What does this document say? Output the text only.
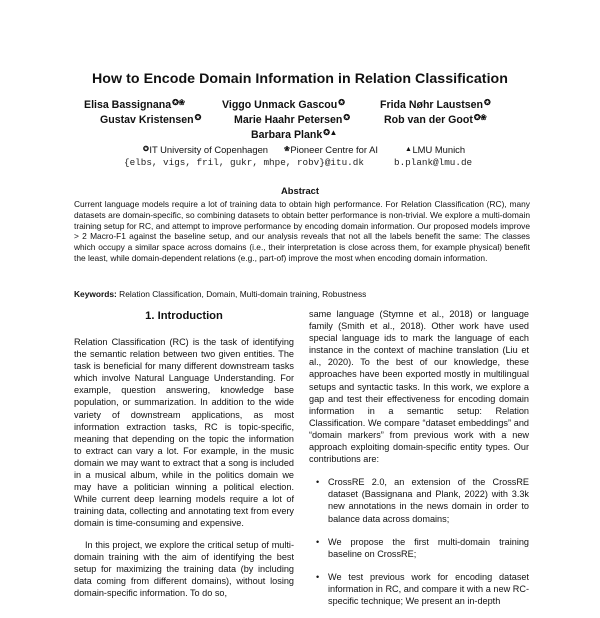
How to Encode Domain Information in Relation Classification
Elisa Bassignana✪❀	Viggo Unmack Gascou✪	Frida Nøhr Laustsen✪
Gustav Kristensen✪	Marie Haahr Petersen✪	Rob van der Goot✪❀
Barbara Plank✪▲
✪IT University of Copenhagen ❀Pioneer Centre for AI	▲LMU Munich
{elbs, vigs, fril, gukr, mhpe, robv}@itu.dk	b.plank@lmu.de
Abstract
Current language models require a lot of training data to obtain high performance. For Relation Classification (RC), many datasets are domain-specific, so combining datasets to obtain better performance is non-trivial. We explore a multi-domain training setup for RC, and attempt to improve performance by encoding domain information. Our proposed models improve > 2 Macro-F1 against the baseline setup, and our analysis reveals that not all the labels benefit the same: The classes which occupy a similar space across domains (i.e., their interpretation is close across them, for example physical) benefit the least, while domain-dependent relations (e.g., part-of) improve the most when encoding domain information.
Keywords: Relation Classification, Domain, Multi-domain training, Robustness
1. Introduction

Relation Classification (RC) is the task of identifying the semantic relation between two given entities. The task is beneficial for many different downstream tasks which involve Natural Language Understanding. For example, question answering, knowledge base population, or summarization. In addition to the wide variety of downstream applications, as most information extraction tasks, RC is topic-specific, meaning that depending on the topic the information to extract can vary a lot. For example, in the music domain we may want to extract that a song is included in a musical album, while in the politics domain we may have a politician winning a political election. While current deep learning models require a lot of training data, collecting and annotating text from every domain is time-consuming and expensive.

In this project, we explore the critical setup of multi-domain training with the aim of identifying the best setup for maximizing the training data (by including data coming from different domains), without losing domain-specific information. To do so,

same language (Stymne et al., 2018) or language family (Smith et al., 2018). Other work have used special language ids to mark the language of each instance in the context of machine translation (Liu et al., 2020). To the best of our knowledge, these approaches have been exported mostly in multilingual setups and syntactic tasks. In this work, we explore a gap and test their effectiveness for encoding domain information in a semantic setup: Relation Classification. We compare “dataset embeddings” and “domain markers” from previous work with a new approach exploiting domain-specific entity types. Our contributions are:

• CrossRE 2.0, an extension of the CrossRE dataset (Bassignana and Plank, 2022) with 3.3k new annotations in the news domain in order to balance data across domains;
• We propose the first multi-domain training baseline on CrossRE;
• We test previous work for encoding dataset information in RC, and compare it with a new RC-specific technique; We present an in-depth
